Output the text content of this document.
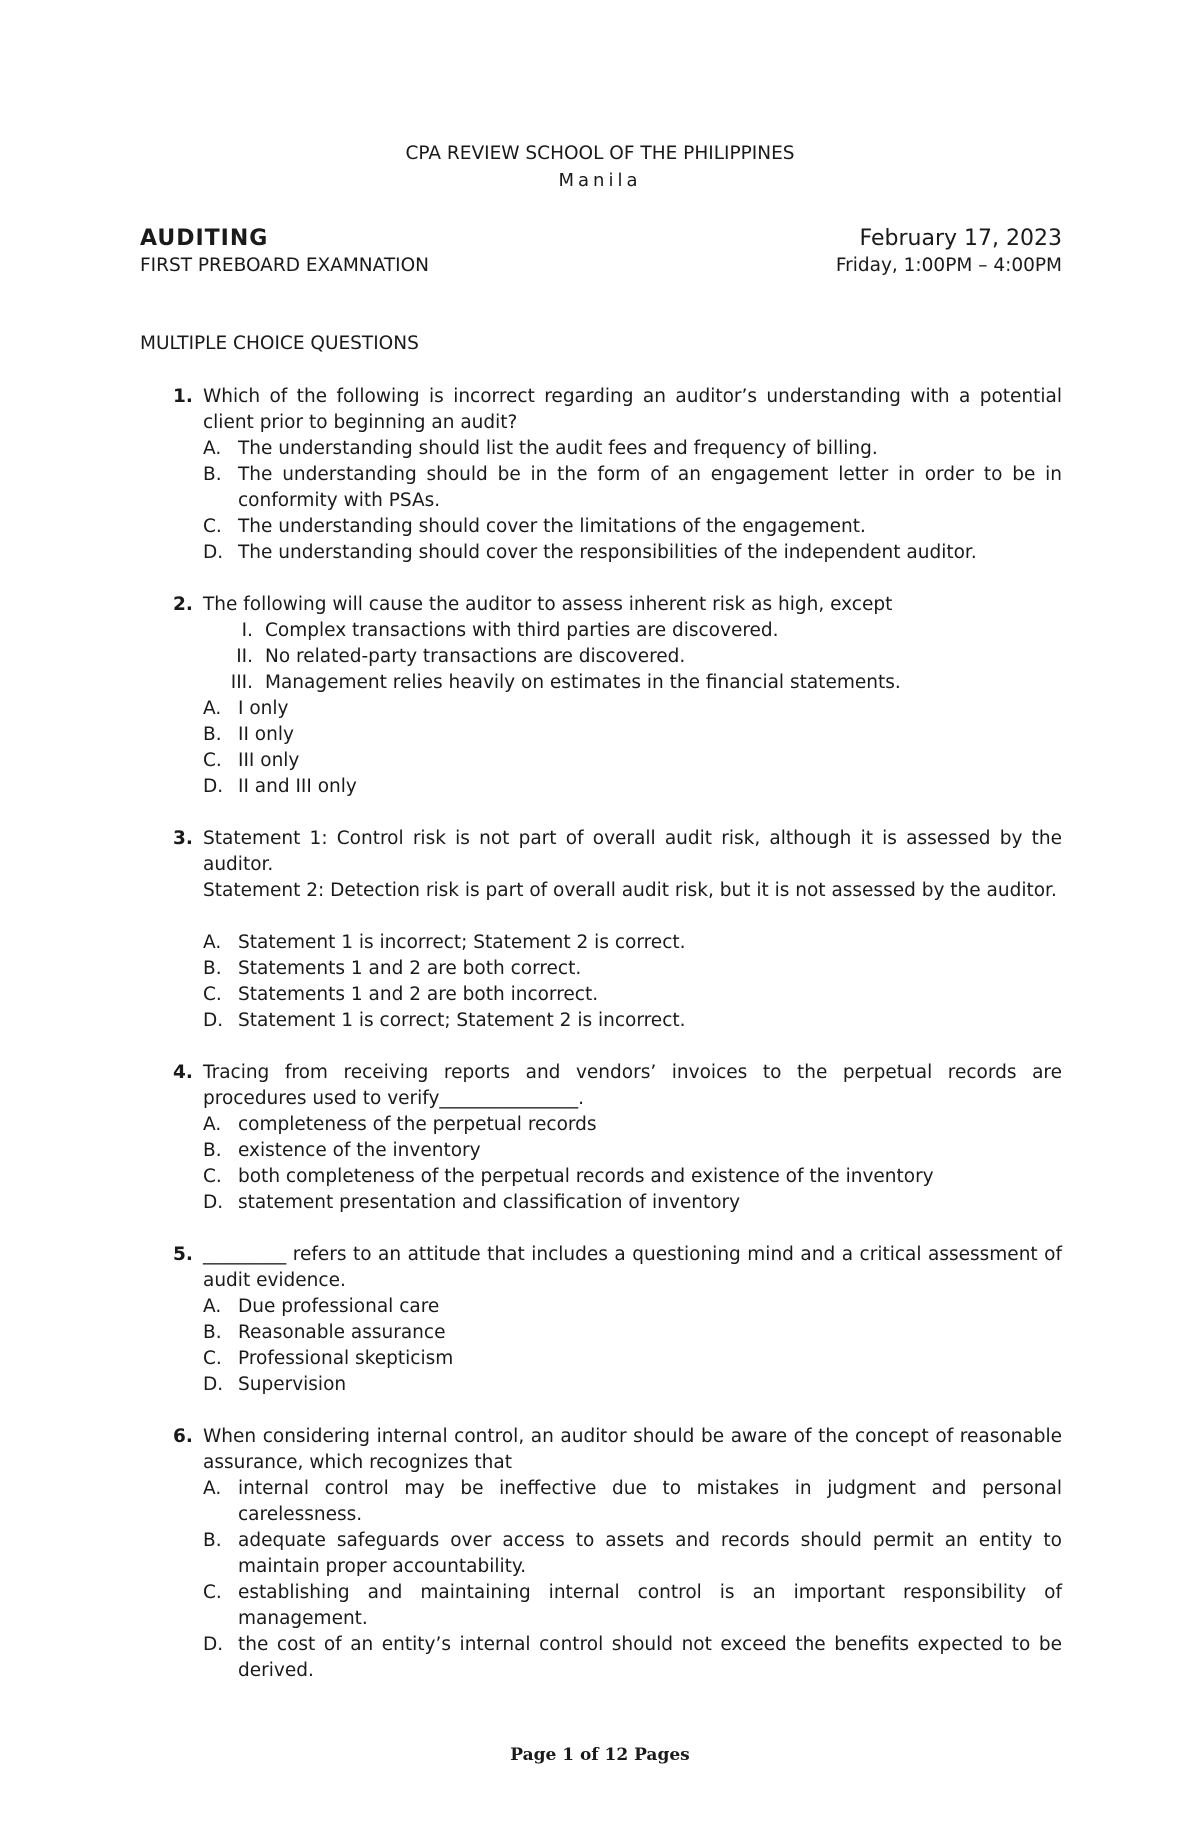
CPA REVIEW SCHOOL OF THE PHILIPPINES
Manila
AUDITING
FIRST PREBOARD EXAMNATION
February 17, 2023
Friday, 1:00PM – 4:00PM
MULTIPLE CHOICE QUESTIONS
1. Which of the following is incorrect regarding an auditor’s understanding with a potential client prior to beginning an audit?
A. The understanding should list the audit fees and frequency of billing.
B. The understanding should be in the form of an engagement letter in order to be in conformity with PSAs.
C. The understanding should cover the limitations of the engagement.
D. The understanding should cover the responsibilities of the independent auditor.
2. The following will cause the auditor to assess inherent risk as high, except
I. Complex transactions with third parties are discovered.
II. No related-party transactions are discovered.
III. Management relies heavily on estimates in the financial statements.
A. I only
B. II only
C. III only
D. II and III only
3. Statement 1: Control risk is not part of overall audit risk, although it is assessed by the auditor.
Statement 2: Detection risk is part of overall audit risk, but it is not assessed by the auditor.
A. Statement 1 is incorrect; Statement 2 is correct.
B. Statements 1 and 2 are both correct.
C. Statements 1 and 2 are both incorrect.
D. Statement 1 is correct; Statement 2 is incorrect.
4. Tracing from receiving reports and vendors’ invoices to the perpetual records are procedures used to verify_______________.
A. completeness of the perpetual records
B. existence of the inventory
C. both completeness of the perpetual records and existence of the inventory
D. statement presentation and classification of inventory
5. _________ refers to an attitude that includes a questioning mind and a critical assessment of audit evidence.
A. Due professional care
B. Reasonable assurance
C. Professional skepticism
D. Supervision
6. When considering internal control, an auditor should be aware of the concept of reasonable assurance, which recognizes that
A. internal control may be ineffective due to mistakes in judgment and personal carelessness.
B. adequate safeguards over access to assets and records should permit an entity to maintain proper accountability.
C. establishing and maintaining internal control is an important responsibility of management.
D. the cost of an entity’s internal control should not exceed the benefits expected to be derived.
Page 1 of 12 Pages
